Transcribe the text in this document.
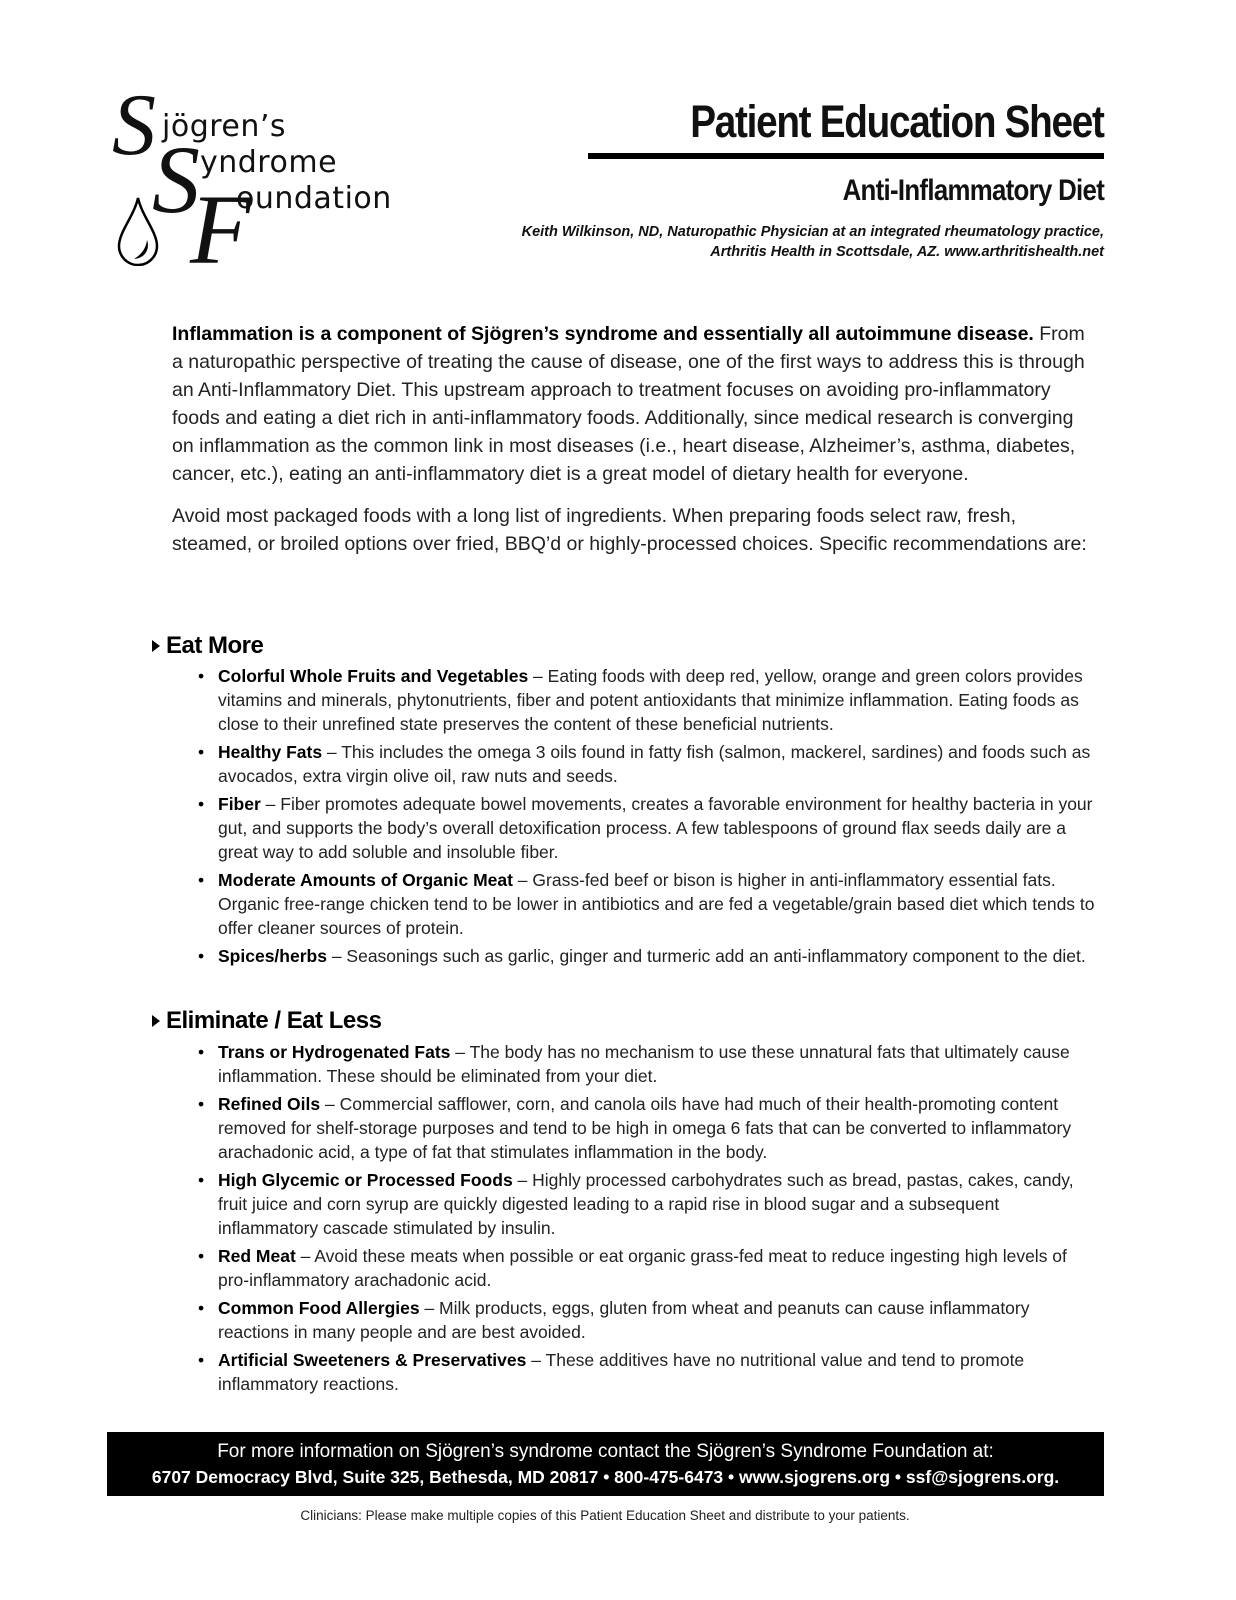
S
S
F
jögren’s
yndrome
oundation
Patient Education Sheet
Anti-Inflammatory Diet
Keith Wilkinson, ND, Naturopathic Physician at an integrated rheumatology practice,
Arthritis Health in Scottsdale, AZ. www.arthritishealth.net

Inflammation is a component of Sjögren’s syndrome and essentially all autoimmune disease. From a naturopathic perspective of treating the cause of disease, one of the first ways to address this is through an Anti-Inflammatory Diet. This upstream approach to treatment focuses on avoiding pro-inflammatory foods and eating a diet rich in anti-inflammatory foods. Additionally, since medical research is converging on inflammation as the common link in most diseases (i.e., heart disease, Alzheimer’s, asthma, diabetes, cancer, etc.), eating an anti-inflammatory diet is a great model of dietary health for everyone.

Avoid most packaged foods with a long list of ingredients. When preparing foods select raw, fresh, steamed, or broiled options over fried, BBQ’d or highly-processed choices. Specific recommendations are:

Eat More
• Colorful Whole Fruits and Vegetables – Eating foods with deep red, yellow, orange and green colors provides vitamins and minerals, phytonutrients, fiber and potent antioxidants that minimize inflammation. Eating foods as close to their unrefined state preserves the content of these beneficial nutrients.
• Healthy Fats – This includes the omega 3 oils found in fatty fish (salmon, mackerel, sardines) and foods such as avocados, extra virgin olive oil, raw nuts and seeds.
• Fiber – Fiber promotes adequate bowel movements, creates a favorable environment for healthy bacteria in your gut, and supports the body’s overall detoxification process. A few tablespoons of ground flax seeds daily are a great way to add soluble and insoluble fiber.
• Moderate Amounts of Organic Meat – Grass-fed beef or bison is higher in anti-inflammatory essential fats. Organic free-range chicken tend to be lower in antibiotics and are fed a vegetable/grain based diet which tends to offer cleaner sources of protein.
• Spices/herbs – Seasonings such as garlic, ginger and turmeric add an anti-inflammatory component to the diet.
Eliminate / Eat Less
• Trans or Hydrogenated Fats – The body has no mechanism to use these unnatural fats that ultimately cause inflammation. These should be eliminated from your diet.
• Refined Oils – Commercial safflower, corn, and canola oils have had much of their health-promoting content removed for shelf-storage purposes and tend to be high in omega 6 fats that can be converted to inflammatory arachadonic acid, a type of fat that stimulates inflammation in the body.
• High Glycemic or Processed Foods – Highly processed carbohydrates such as bread, pastas, cakes, candy, fruit juice and corn syrup are quickly digested leading to a rapid rise in blood sugar and a subsequent inflammatory cascade stimulated by insulin.
• Red Meat – Avoid these meats when possible or eat organic grass-fed meat to reduce ingesting high levels of pro-inflammatory arachadonic acid.
• Common Food Allergies – Milk products, eggs, gluten from wheat and peanuts can cause inflammatory reactions in many people and are best avoided.
• Artificial Sweeteners & Preservatives – These additives have no nutritional value and tend to promote inflammatory reactions.
For more information on Sjögren’s syndrome contact the Sjögren’s Syndrome Foundation at:
6707 Democracy Blvd, Suite 325, Bethesda, MD 20817 • 800-475-6473 • www.sjogrens.org • ssf@sjogrens.org.
Clinicians: Please make multiple copies of this Patient Education Sheet and distribute to your patients.
